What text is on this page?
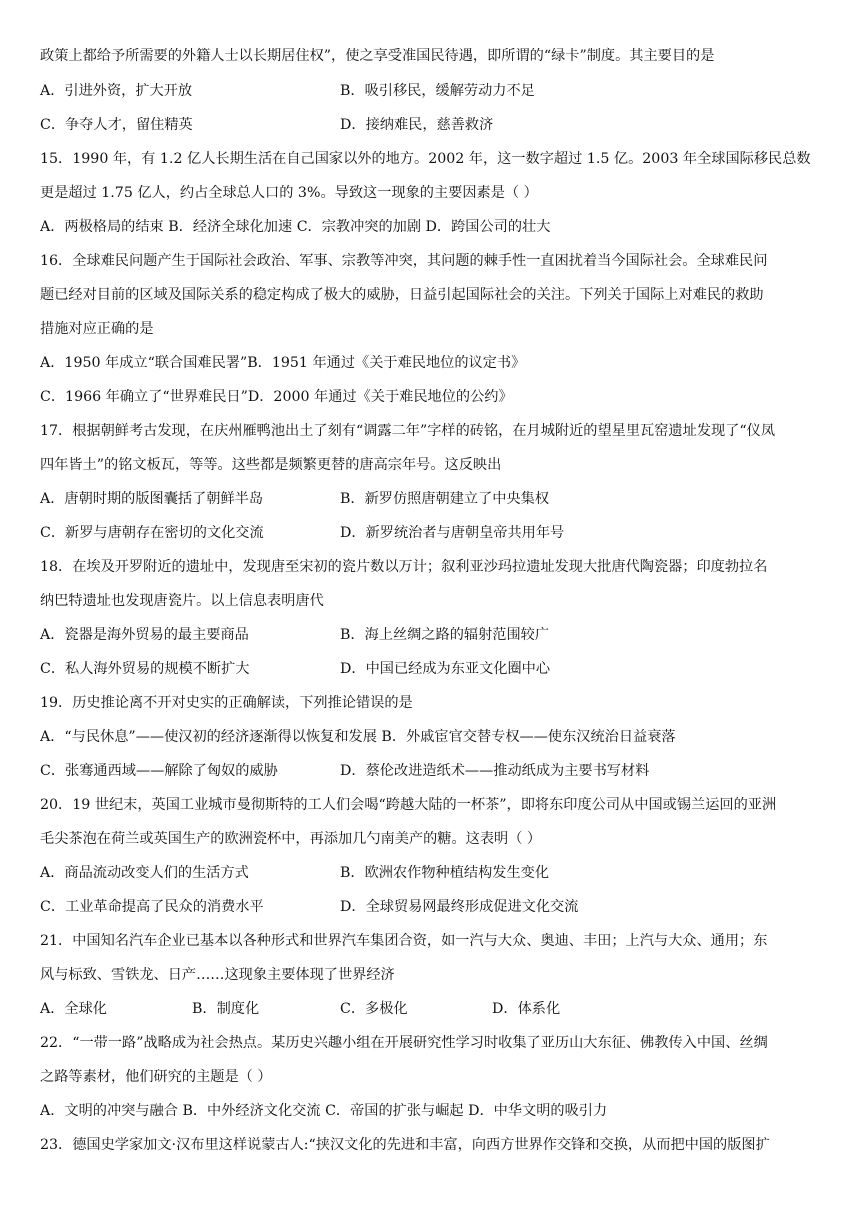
政策上都给予所需要的外籍人士以长期居住权”，使之享受准国民待遇，即所谓的“绿卡”制度。其主要目的是
A．引进外资，扩大开放	B．吸引移民，缓解劳动力不足
C．争夺人才，留住精英	D．接纳难民，慈善救济
15．1990 年，有 1.2 亿人长期生活在自己国家以外的地方。2002 年，这一数字超过 1.5 亿。2003 年全球国际移民总数
更是超过 1.75 亿人，约占全球总人口的 3%。导致这一现象的主要因素是（ ）
A．两极格局的结束 B．经济全球化加速 C．宗教冲突的加剧 D．跨国公司的壮大
16．全球难民问题产生于国际社会政治、军事、宗教等冲突，其问题的棘手性一直困扰着当今国际社会。全球难民问
题已经对目前的区域及国际关系的稳定构成了极大的威胁，日益引起国际社会的关注。下列关于国际上对难民的救助
措施对应正确的是
A．1950 年成立“联合国难民署”B．1951 年通过《关于难民地位的议定书》
C．1966 年确立了“世界难民日”D．2000 年通过《关于难民地位的公约》
17．根据朝鲜考古发现，在庆州雁鸭池出土了刻有“调露二年”字样的砖铭，在月城附近的望星里瓦窑遗址发现了“仪凤
四年皆土”的铭文板瓦，等等。这些都是频繁更替的唐高宗年号。这反映出
A．唐朝时期的版图囊括了朝鲜半岛	B．新罗仿照唐朝建立了中央集权
C．新罗与唐朝存在密切的文化交流	D．新罗统治者与唐朝皇帝共用年号
18．在埃及开罗附近的遗址中，发现唐至宋初的瓷片数以万计；叙利亚沙玛拉遗址发现大批唐代陶瓷器；印度勃拉名
纳巴特遗址也发现唐瓷片。以上信息表明唐代
A．瓷器是海外贸易的最主要商品	B．海上丝绸之路的辐射范围较广
C．私人海外贸易的规模不断扩大	D．中国已经成为东亚文化圈中心
19．历史推论离不开对史实的正确解读，下列推论错误的是
A．“与民休息”——使汉初的经济逐渐得以恢复和发展 B．外戚宦官交替专权——使东汉统治日益衰落
C．张骞通西域——解除了匈奴的威胁	D．蔡伦改进造纸术——推动纸成为主要书写材料
20．19 世纪末，英国工业城市曼彻斯特的工人们会喝“跨越大陆的一杯茶”，即将东印度公司从中国或锡兰运回的亚洲
毛尖茶泡在荷兰或英国生产的欧洲瓷杯中，再添加几勺南美产的糖。这表明（ ）
A．商品流动改变人们的生活方式	B．欧洲农作物种植结构发生变化
C．工业革命提高了民众的消费水平	D．全球贸易网最终形成促进文化交流
21．中国知名汽车企业已基本以各种形式和世界汽车集团合资，如一汽与大众、奥迪、丰田；上汽与大众、通用；东
风与标致、雪铁龙、日产……这现象主要体现了世界经济
A．全球化	B．制度化	C．多极化	D．体系化
22．“一带一路”战略成为社会热点。某历史兴趣小组在开展研究性学习时收集了亚历山大东征、佛教传入中国、丝绸
之路等素材，他们研究的主题是（ ）
A．文明的冲突与融合 B．中外经济文化交流 C．帝国的扩张与崛起 D．中华文明的吸引力
23．德国史学家加文·汉布里这样说蒙古人:“挟汉文化的先进和丰富，向西方世界作交锋和交换，从而把中国的版图扩
